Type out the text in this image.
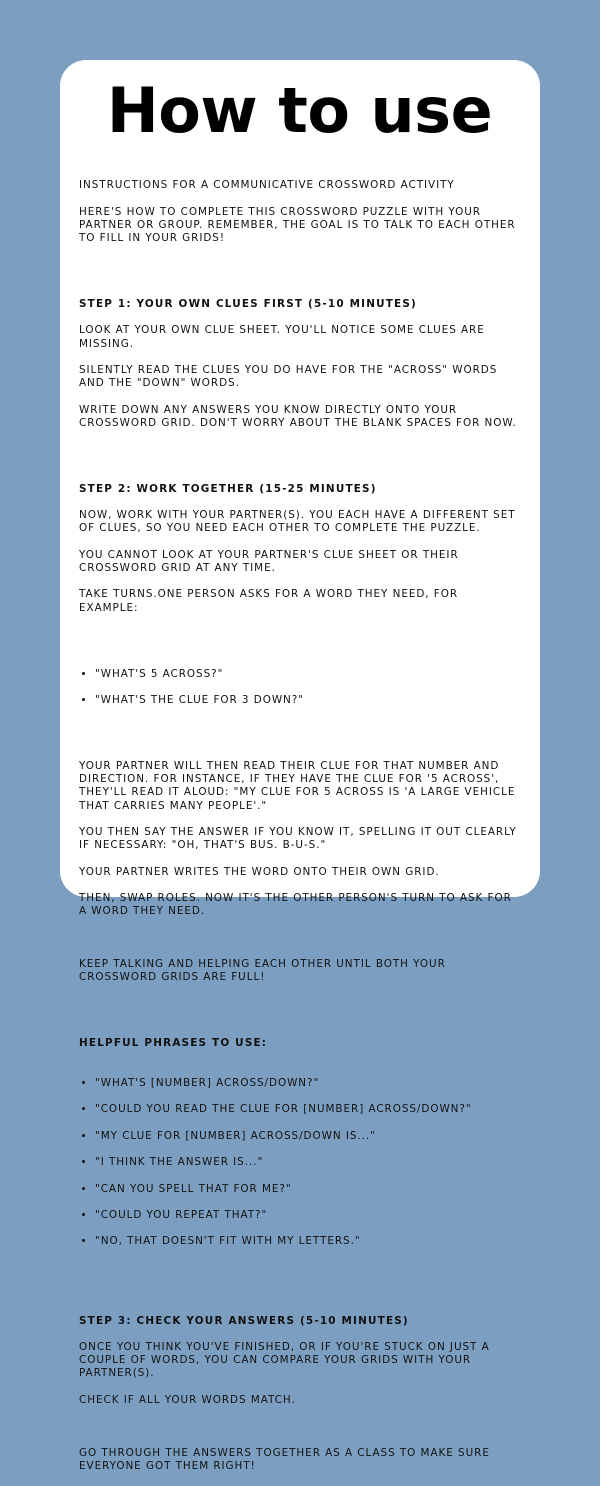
How to use

INSTRUCTIONS FOR A COMMUNICATIVE CROSSWORD ACTIVITY

HERE'S HOW TO COMPLETE THIS CROSSWORD PUZZLE WITH YOUR PARTNER OR GROUP. REMEMBER, THE GOAL IS TO TALK TO EACH OTHER TO FILL IN YOUR GRIDS!

STEP 1: YOUR OWN CLUES FIRST (5-10 MINUTES)

LOOK AT YOUR OWN CLUE SHEET. YOU'LL NOTICE SOME CLUES ARE MISSING.

SILENTLY READ THE CLUES YOU DO HAVE FOR THE "ACROSS" WORDS AND THE "DOWN" WORDS.

WRITE DOWN ANY ANSWERS YOU KNOW DIRECTLY ONTO YOUR CROSSWORD GRID. DON'T WORRY ABOUT THE BLANK SPACES FOR NOW.

STEP 2: WORK TOGETHER (15-25 MINUTES)

NOW, WORK WITH YOUR PARTNER(S). YOU EACH HAVE A DIFFERENT SET OF CLUES, SO YOU NEED EACH OTHER TO COMPLETE THE PUZZLE.

YOU CANNOT LOOK AT YOUR PARTNER'S CLUE SHEET OR THEIR CROSSWORD GRID AT ANY TIME.

TAKE TURNS.ONE PERSON ASKS FOR A WORD THEY NEED, FOR EXAMPLE:

• "WHAT'S 5 ACROSS?"

• "WHAT'S THE CLUE FOR 3 DOWN?"

YOUR PARTNER WILL THEN READ THEIR CLUE FOR THAT NUMBER AND DIRECTION. FOR INSTANCE, IF THEY HAVE THE CLUE FOR '5 ACROSS', THEY'LL READ IT ALOUD: "MY CLUE FOR 5 ACROSS IS 'A LARGE VEHICLE THAT CARRIES MANY PEOPLE'."

YOU THEN SAY THE ANSWER IF YOU KNOW IT, SPELLING IT OUT CLEARLY IF NECESSARY: "OH, THAT'S BUS. B-U-S."

YOUR PARTNER WRITES THE WORD ONTO THEIR OWN GRID.

THEN, SWAP ROLES. NOW IT'S THE OTHER PERSON'S TURN TO ASK FOR A WORD THEY NEED.

KEEP TALKING AND HELPING EACH OTHER UNTIL BOTH YOUR CROSSWORD GRIDS ARE FULL!

HELPFUL PHRASES TO USE:

• "WHAT'S [NUMBER] ACROSS/DOWN?"

• "COULD YOU READ THE CLUE FOR [NUMBER] ACROSS/DOWN?"

• "MY CLUE FOR [NUMBER] ACROSS/DOWN IS..."

• "I THINK THE ANSWER IS..."

• "CAN YOU SPELL THAT FOR ME?"

• "COULD YOU REPEAT THAT?"

• "NO, THAT DOESN'T FIT WITH MY LETTERS."

STEP 3: CHECK YOUR ANSWERS (5-10 MINUTES)

ONCE YOU THINK YOU'VE FINISHED, OR IF YOU'RE STUCK ON JUST A COUPLE OF WORDS, YOU CAN COMPARE YOUR GRIDS WITH YOUR PARTNER(S).

CHECK IF ALL YOUR WORDS MATCH.

GO THROUGH THE ANSWERS TOGETHER AS A CLASS TO MAKE SURE EVERYONE GOT THEM RIGHT!
